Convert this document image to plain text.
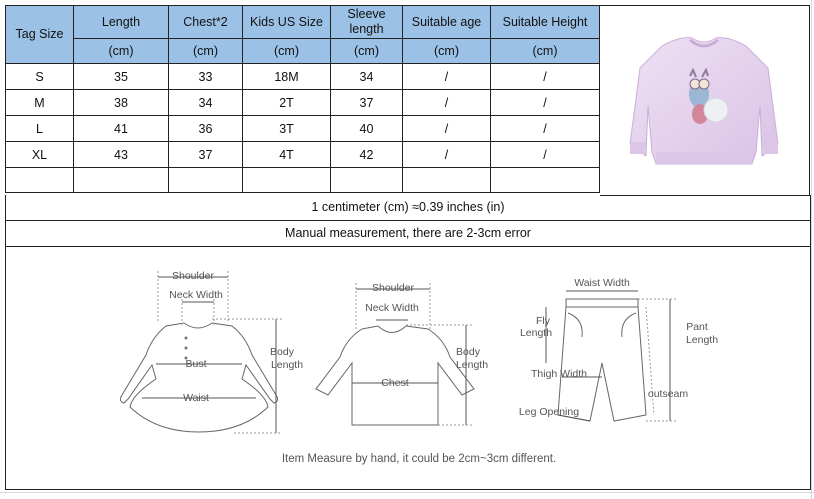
Tag Size	Length	Chest*2	Kids US Size	Sleeve length	Suitable age	Suitable Height
	(cm)	(cm)	(cm)	(cm)	(cm)	(cm)
S	35	33	18M	34	/	/
M	38	34	2T	37	/	/
L	41	36	3T	40	/	/
XL	43	37	4T	42	/	/

1 centimeter (cm) ≈0.39 inches (in)
Manual measurement, there are 2-3cm error
Shoulder
Neck Width
Bust
Waist
Body
Length
Shoulder
Neck Width
Chest
Body
Length
Waist Width
Fly
Length
Thigh Width
Leg Opening
outseam
Pant
Length
Item Measure by hand, it could be 2cm~3cm different.
